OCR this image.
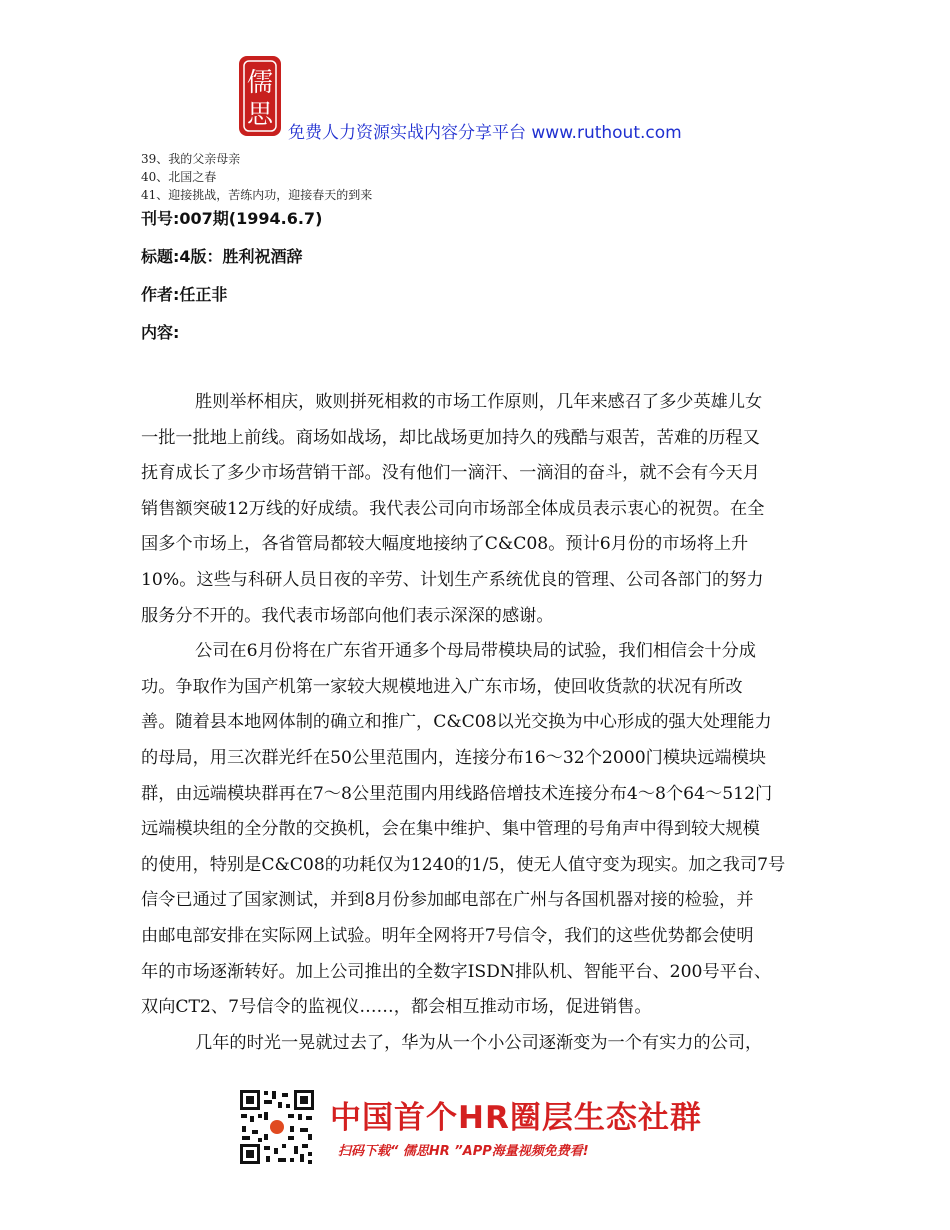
儒
思
免费人力资源实战内容分享平台 www.ruthout.com
39、我的父亲母亲
40、北国之春
41、迎接挑战，苦练内功，迎接春天的到来
刊号:007期(1994.6.7)
标题:4版：胜利祝酒辞
作者:任正非
内容:
胜则举杯相庆，败则拼死相救的市场工作原则，几年来感召了多少英雄儿女
一批一批地上前线。商场如战场，却比战场更加持久的残酷与艰苦，苦难的历程又
抚育成长了多少市场营销干部。没有他们一滴汗、一滴泪的奋斗，就不会有今天月
销售额突破12万线的好成绩。我代表公司向市场部全体成员表示衷心的祝贺。在全
国多个市场上，各省管局都较大幅度地接纳了C&C08。预计6月份的市场将上升
10%。这些与科研人员日夜的辛劳、计划生产系统优良的管理、公司各部门的努力
服务分不开的。我代表市场部向他们表示深深的感谢。
公司在6月份将在广东省开通多个母局带模块局的试验，我们相信会十分成
功。争取作为国产机第一家较大规模地进入广东市场，使回收货款的状况有所改
善。随着县本地网体制的确立和推广，C&C08以光交换为中心形成的强大处理能力
的母局，用三次群光纤在50公里范围内，连接分布16～32个2000门模块远端模块
群，由远端模块群再在7～8公里范围内用线路倍增技术连接分布4～8个64～512门
远端模块组的全分散的交换机，会在集中维护、集中管理的号角声中得到较大规模
的使用，特别是C&C08的功耗仅为1240的1/5，使无人值守变为现实。加之我司7号
信令已通过了国家测试，并到8月份参加邮电部在广州与各国机器对接的检验，并
由邮电部安排在实际网上试验。明年全网将开7号信令，我们的这些优势都会使明
年的市场逐渐转好。加上公司推出的全数字ISDN排队机、智能平台、200号平台、
双向CT2、7号信令的监视仪……，都会相互推动市场，促进销售。
几年的时光一晃就过去了，华为从一个小公司逐渐变为一个有实力的公司，
中国首个HR圈层生态社群
扫码下载“ 儒思HR ”APP海量视频免费看!
